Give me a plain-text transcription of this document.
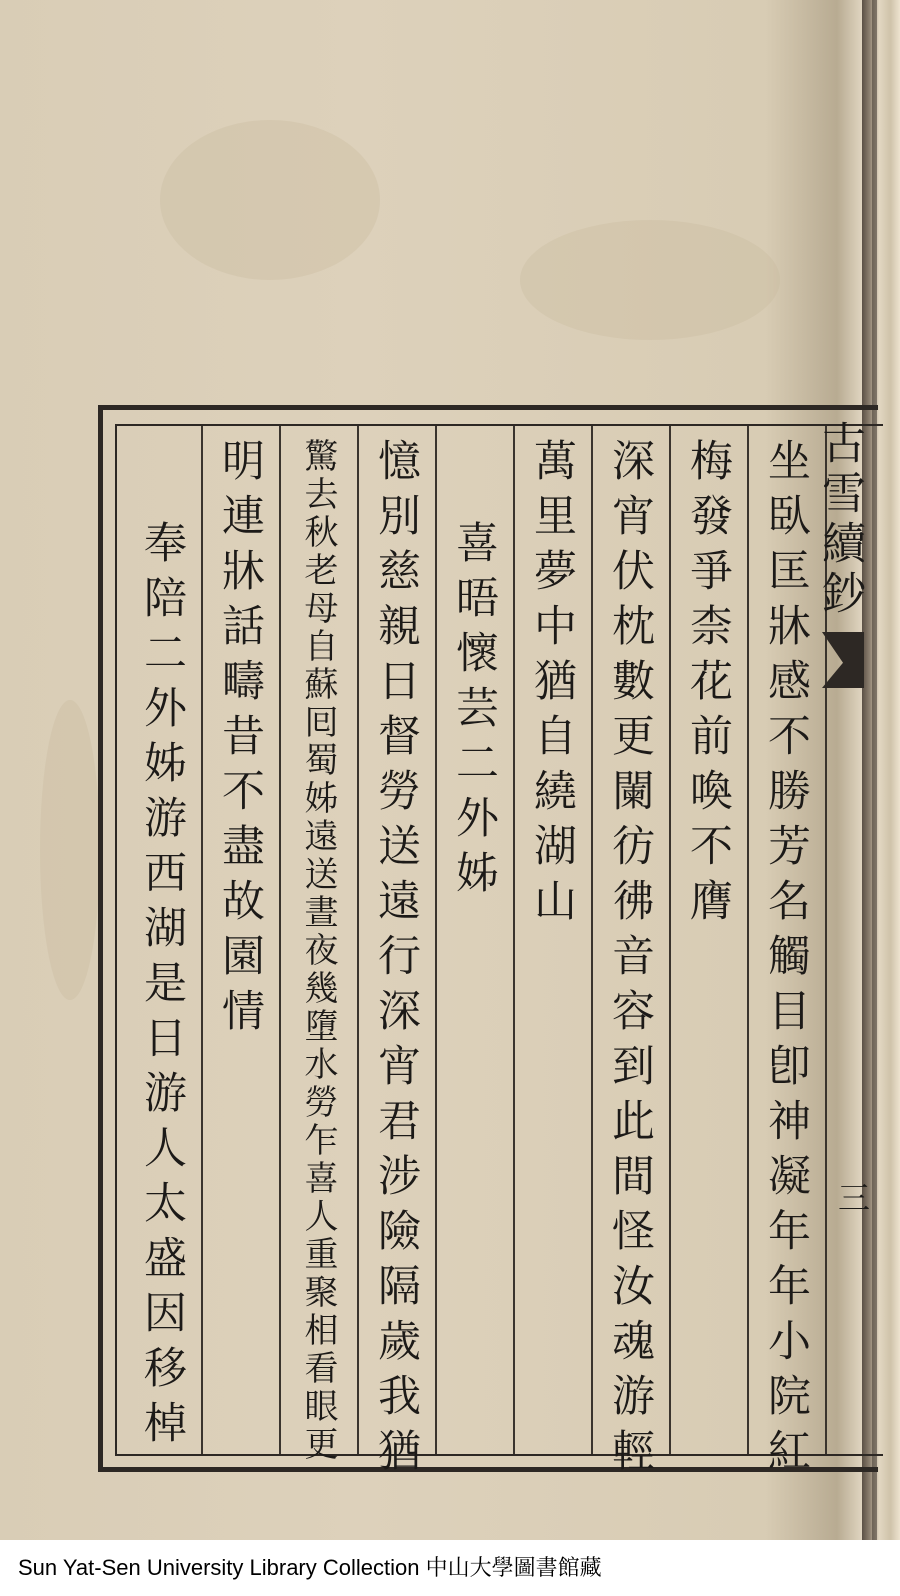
坐臥匡牀感不勝芳名觸目卽神凝年年小院紅
梅發爭柰花前喚不膺
深宵伏枕數更闌彷彿音容到此間怪汝魂游輕
萬里夢中猶自繞湖山
喜晤懷芸二外姊
憶別慈親日督勞送遠行深宵君涉險隔歲我猶
驚去秋老母自蘇囘蜀姊遠送晝夜幾墮水勞乍喜人重聚相看眼更
明連牀話疇昔不盡故園情
奉陪二外姊游西湖是日游人太盛因移棹	古雪續鈔
三
Sun Yat-Sen University Library Collection 中山大學圖書館藏
